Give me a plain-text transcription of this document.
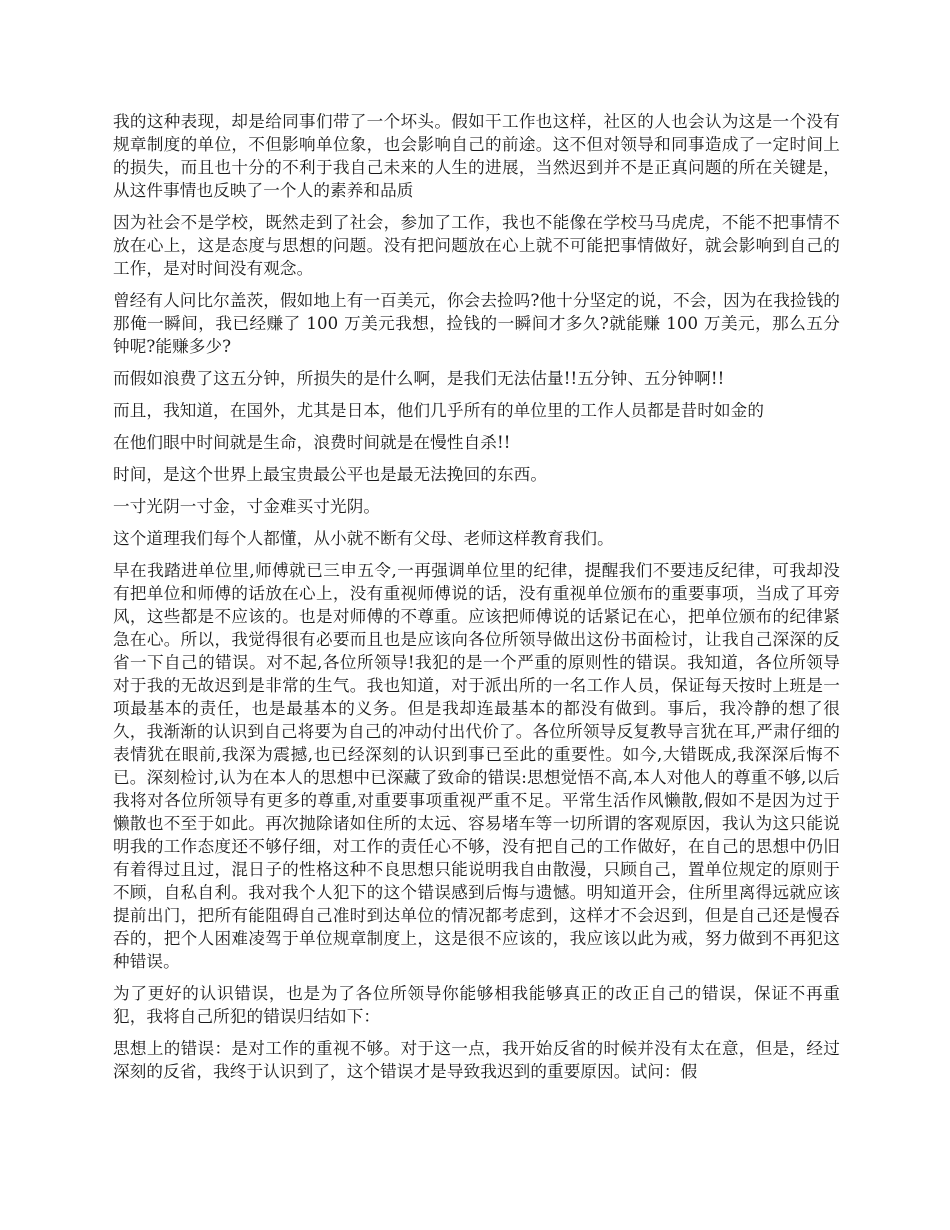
我的这种表现，却是给同事们带了一个坏头。假如干工作也这样，社区的人也会认为这是一个没有规章制度的单位，不但影响单位象，也会影响自己的前途。这不但对领导和同事造成了一定时间上的损失，而且也十分的不利于我自己未来的人生的进展，当然迟到并不是正真问题的所在关键是，从这件事情也反映了一个人的素养和品质

因为社会不是学校，既然走到了社会，参加了工作，我也不能像在学校马马虎虎，不能不把事情不放在心上，这是态度与思想的问题。没有把问题放在心上就不可能把事情做好，就会影响到自己的工作，是对时间没有观念。

曾经有人问比尔盖茨，假如地上有一百美元，你会去捡吗?他十分坚定的说，不会，因为在我捡钱的那俺一瞬间，我已经赚了 100 万美元我想，捡钱的一瞬间才多久?就能赚 100 万美元，那么五分钟呢?能赚多少?

而假如浪费了这五分钟，所损失的是什么啊，是我们无法估量!!五分钟、五分钟啊!!

而且，我知道，在国外，尤其是日本，他们几乎所有的单位里的工作人员都是昔时如金的

在他们眼中时间就是生命，浪费时间就是在慢性自杀!!

时间，是这个世界上最宝贵最公平也是最无法挽回的东西。

一寸光阴一寸金，寸金难买寸光阴。

这个道理我们每个人都懂，从小就不断有父母、老师这样教育我们。

早在我踏进单位里,师傅就已三申五令,一再强调单位里的纪律，提醒我们不要违反纪律，可我却没有把单位和师傅的话放在心上，没有重视师傅说的话，没有重视单位颁布的重要事项，当成了耳旁风，这些都是不应该的。也是对师傅的不尊重。应该把师傅说的话紧记在心，把单位颁布的纪律紧急在心。所以，我觉得很有必要而且也是应该向各位所领导做出这份书面检讨，让我自己深深的反省一下自己的错误。对不起,各位所领导!我犯的是一个严重的原则性的错误。我知道，各位所领导对于我的无故迟到是非常的生气。我也知道，对于派出所的一名工作人员，保证每天按时上班是一项最基本的责任，也是最基本的义务。但是我却连最基本的都没有做到。事后，我冷静的想了很久，我渐渐的认识到自己将要为自己的冲动付出代价了。各位所领导反复教导言犹在耳,严肃仔细的表情犹在眼前,我深为震撼,也已经深刻的认识到事已至此的重要性。如今,大错既成,我深深后悔不已。深刻检讨,认为在本人的思想中已深藏了致命的错误:思想觉悟不高,本人对他人的尊重不够,以后我将对各位所领导有更多的尊重,对重要事项重视严重不足。平常生活作风懒散,假如不是因为过于懒散也不至于如此。再次抛除诸如住所的太远、容易堵车等一切所谓的客观原因，我认为这只能说明我的工作态度还不够仔细，对工作的责任心不够，没有把自己的工作做好，在自己的思想中仍旧有着得过且过，混日子的性格这种不良思想只能说明我自由散漫，只顾自己，置单位规定的原则于不顾，自私自利。我对我个人犯下的这个错误感到后悔与遗憾。明知道开会，住所里离得远就应该提前出门，把所有能阻碍自己准时到达单位的情况都考虑到，这样才不会迟到，但是自己还是慢吞吞的，把个人困难凌驾于单位规章制度上，这是很不应该的，我应该以此为戒，努力做到不再犯这种错误。

为了更好的认识错误，也是为了各位所领导你能够相我能够真正的改正自己的错误，保证不再重犯，我将自己所犯的错误归结如下：

思想上的错误：是对工作的重视不够。对于这一点，我开始反省的时候并没有太在意，但是，经过深刻的反省，我终于认识到了，这个错误才是导致我迟到的重要原因。试问：假
